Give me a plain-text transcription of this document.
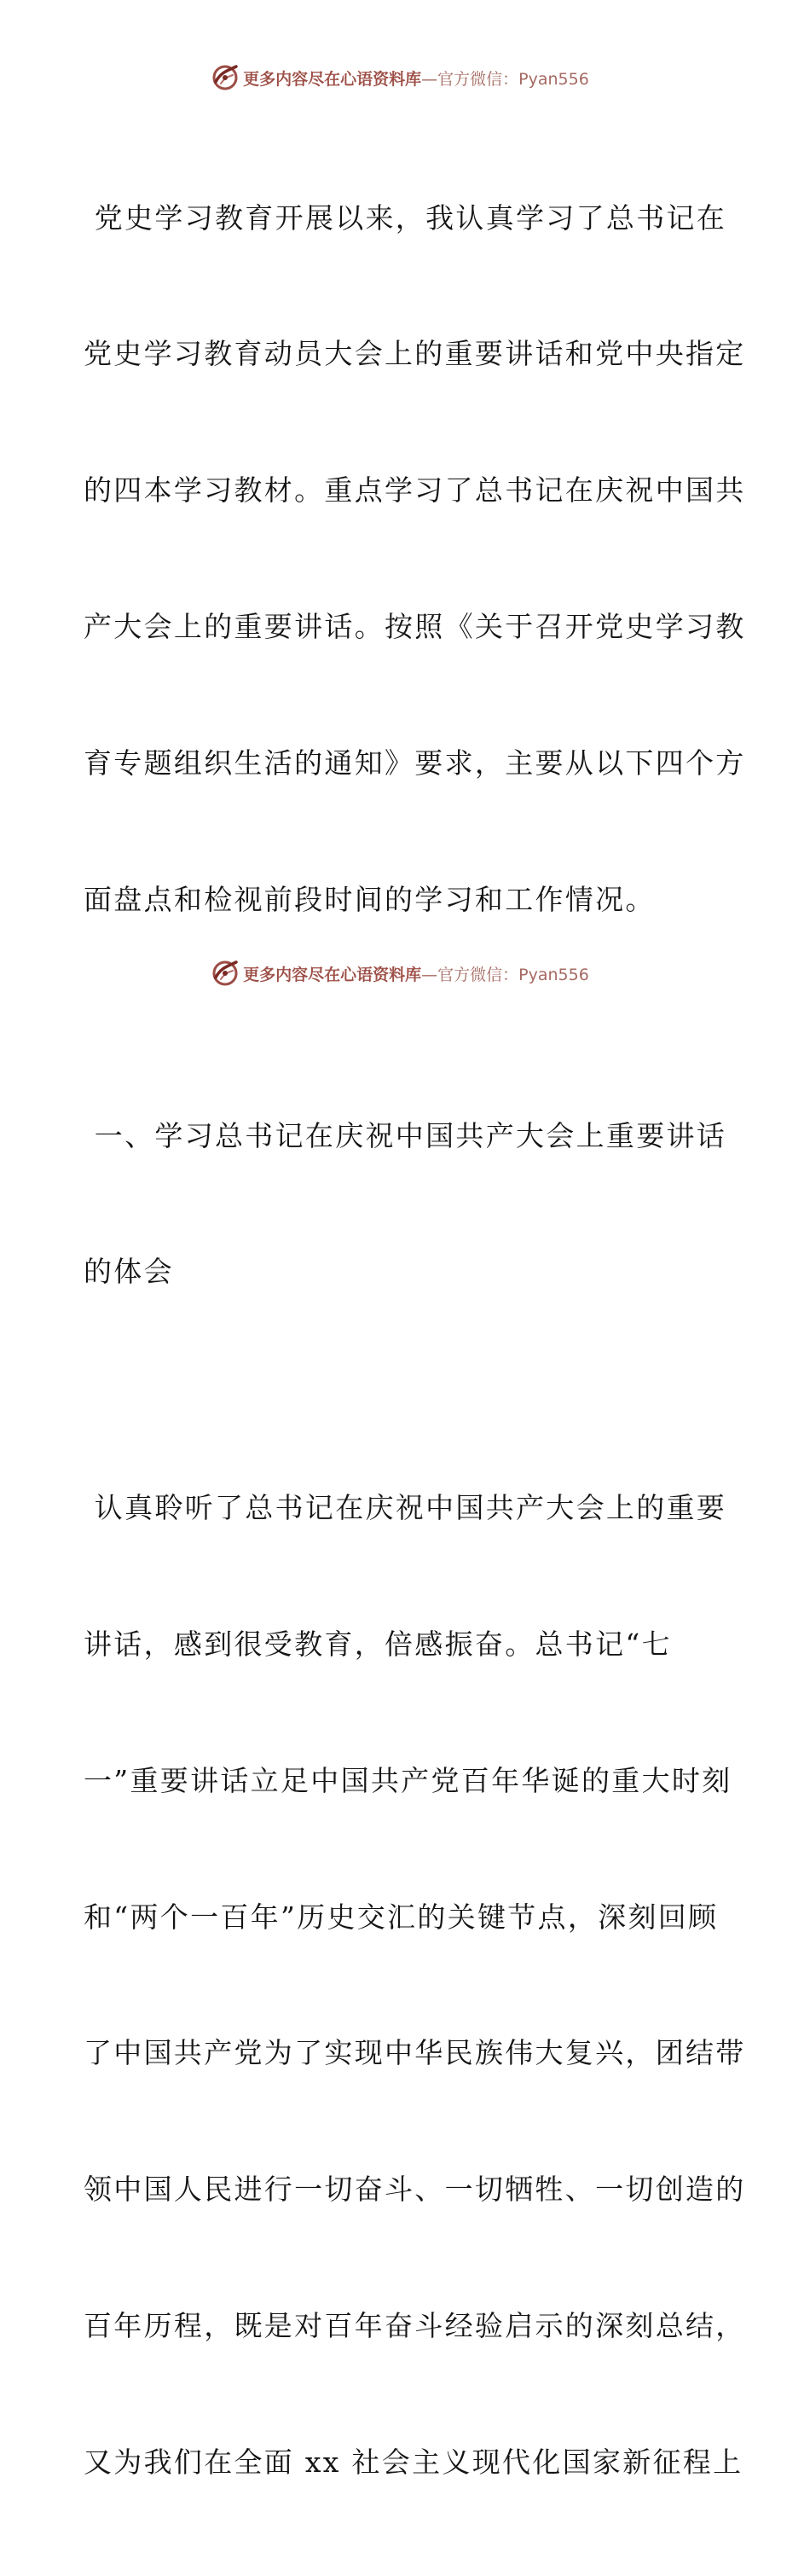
更多内容尽在心语资料库—官方微信：Pyan556

党史学习教育开展以来，我认真学习了总书记在

党史学习教育动员大会上的重要讲话和党中央指定

的四本学习教材。重点学习了总书记在庆祝中国共

产大会上的重要讲话。按照《关于召开党史学习教

育专题组织生活的通知》要求，主要从以下四个方

面盘点和检视前段时间的学习和工作情况。

一、学习总书记在庆祝中国共产大会上重要讲话

的体会

认真聆听了总书记在庆祝中国共产大会上的重要

讲话，感到很受教育，倍感振奋。总书记“七

一”重要讲话立足中国共产党百年华诞的重大时刻

和“两个一百年”历史交汇的关键节点，深刻回顾

了中国共产党为了实现中华民族伟大复兴，团结带

领中国人民进行一切奋斗、一切牺牲、一切创造的

百年历程，既是对百年奋斗经验启示的深刻总结，

又为我们在全面 xx 社会主义现代化国家新征程上

更多内容尽在心语资料库—官方微信：Pyan556
